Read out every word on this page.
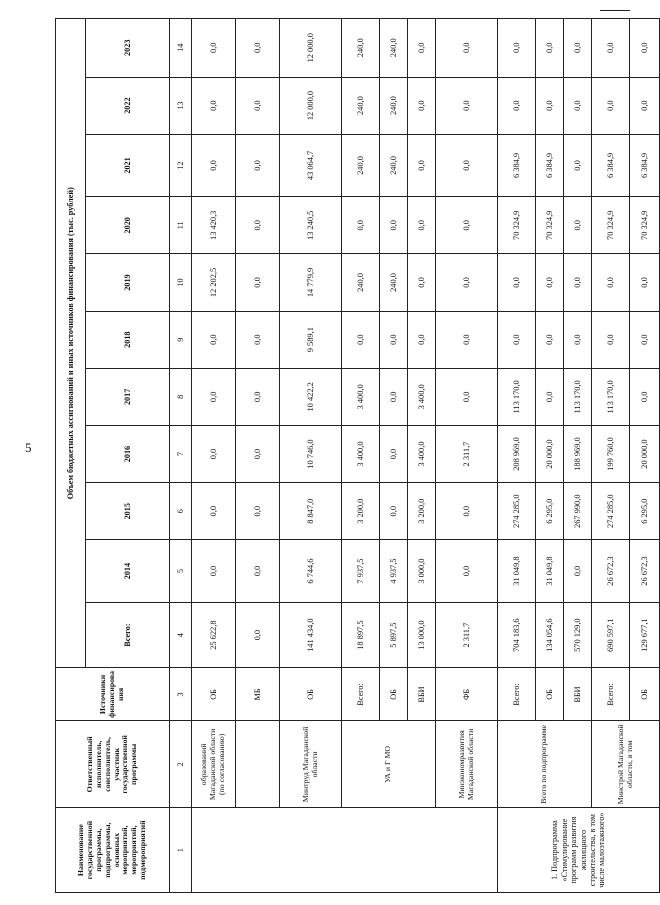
5
Наименование государственной программы, подпрограммы, основных мероприятий, мероприятий, подмероприятий	Ответственный исполнитель, соисполнитель, участник государственной программы	Источники финансирова ния	Объем бюджетных ассигнований и иных источников финансирования (тыс. рублей)										
			Всего:	2014	2015	2016	2017	2018	2019	2020	2021	2022	2023
1	2	3	4	5	6	7	8	9	10	11	12	13	14
	образований Магаданской области (по согласованию)	ОБ	25 622,8	0,0	0,0	0,0	0,0	0,0	12 202,5	13 420,3	0,0	0,0	0,0
		МБ	0,0	0,0	0,0	0,0	0,0	0,0	0,0	0,0	0,0	0,0	0,0
	Минтруд Магаданской области	ОБ	141 434,0	6 744,6	8 847,0	10 746,0	10 422,2	9 589,1	14 779,9	13 240,5	43 064,7	12 000,0	12 000,0
	УА и Г МО	Всего:	18 897,5	7 937,5	3 200,0	3 400,0	3 400,0	0,0	240,0	0,0	240,0	240,0	240,0
		ОБ	5 897,5	4 937,5	0,0	0,0	0,0	0,0	240,0	0,0	240,0	240,0	240,0
		ВБИ	13 000,0	3 000,0	3 200,0	3 400,0	3 400,0	0,0	0,0	0,0	0,0	0,0	0,0
	Минэкономразвития Магаданской области	ФБ	2 311,7	0,0	0,0	2 311,7	0,0	0,0	0,0	0,0	0,0	0,0	0,0
1. Подпрограмма «Стимулирование программ развития жилищного строительства, в том числе малоэтажного»	Всего по подпрограмме	Всего:	704 183,6	31 049,8	274 285,0	208 969,0	113 170,0	0,0	0,0	70 324,9	6 384,9	0,0	0,0
		ОБ	134 054,6	31 049,8	6 295,0	20 000,0	0,0	0,0	0,0	70 324,9	6 384,9	0,0	0,0
		ВБИ	570 129,0	0,0	267 990,0	188 969,0	113 170,0	0,0	0,0	0,0	0,0	0,0	0,0
	Минстрой Магаданской области, в том	Всего:	690 597,1	26 672,3	274 285,0	199 760,0	113 170,0	0,0	0,0	70 324,9	6 384,9	0,0	0,0
		ОБ	129 677,1	26 672,3	6 295,0	20 000,0	0,0	0,0	0,0	70 324,9	6 384,9	0,0	0,0
